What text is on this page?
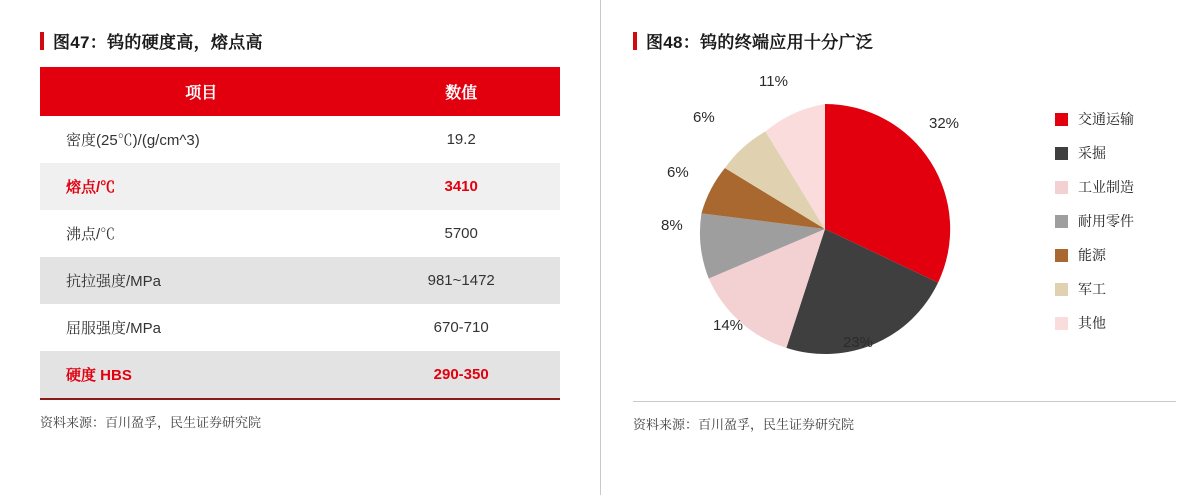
图47：钨的硬度高，熔点高
项目	数值
密度(25℃)/(g/cm^3)	19.2
熔点/℃	3410
沸点/℃	5700
抗拉强度/MPa	981~1472
屈服强度/MPa	670-710
硬度 HBS	290-350
资料来源：百川盈孚，民生证券研究院
图48：钨的终端应用十分广泛
32%
23%
14%
8%
6%
6%
11%
交通运输
采掘
工业制造
耐用零件
能源
军工
其他
资料来源：百川盈孚，民生证券研究院
